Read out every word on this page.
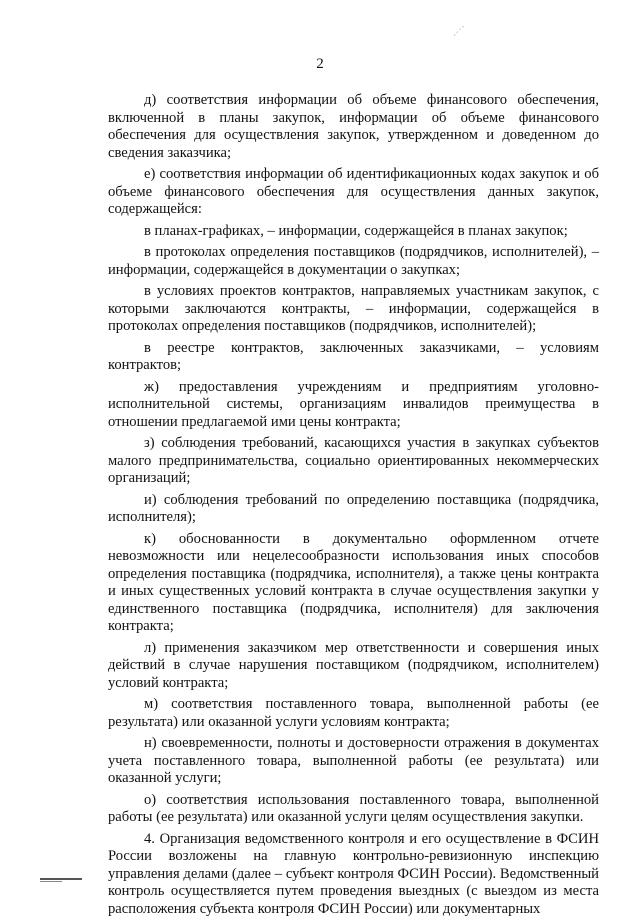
2

д) соответствия информации об объеме финансового обеспечения, включенной в планы закупок, информации об объеме финансового обеспечения для осуществления закупок, утвержденном и доведенном до сведения заказчика;

е) соответствия информации об идентификационных кодах закупок и об объеме финансового обеспечения для осуществления данных закупок, содержащейся:

в планах-графиках, – информации, содержащейся в планах закупок;

в протоколах определения поставщиков (подрядчиков, исполнителей), – информации, содержащейся в документации о закупках;

в условиях проектов контрактов, направляемых участникам закупок, с которыми заключаются контракты, – информации, содержащейся в протоколах определения поставщиков (подрядчиков, исполнителей);

в реестре контрактов, заключенных заказчиками, – условиям контрактов;

ж) предоставления учреждениям и предприятиям уголовно-исполнительной системы, организациям инвалидов преимущества в отношении предлагаемой ими цены контракта;

з) соблюдения требований, касающихся участия в закупках субъектов малого предпринимательства, социально ориентированных некоммерческих организаций;

и) соблюдения требований по определению поставщика (подрядчика, исполнителя);

к) обоснованности в документально оформленном отчете невозможности или нецелесообразности использования иных способов определения поставщика (подрядчика, исполнителя), а также цены контракта и иных существенных условий контракта в случае осуществления закупки у единственного поставщика (подрядчика, исполнителя) для заключения контракта;

л) применения заказчиком мер ответственности и совершения иных действий в случае нарушения поставщиком (подрядчиком, исполнителем) условий контракта;

м) соответствия поставленного товара, выполненной работы (ее результата) или оказанной услуги условиям контракта;

н) своевременности, полноты и достоверности отражения в документах учета поставленного товара, выполненной работы (ее результата) или оказанной услуги;

о) соответствия использования поставленного товара, выполненной работы (ее результата) или оказанной услуги целям осуществления закупки.

4. Организация ведомственного контроля и его осуществление в ФСИН России возложены на главную контрольно-ревизионную инспекцию управления делами (далее – субъект контроля ФСИН России). Ведомственный контроль осуществляется путем проведения выездных (с выездом из места расположения субъекта контроля ФСИН России) или документарных
